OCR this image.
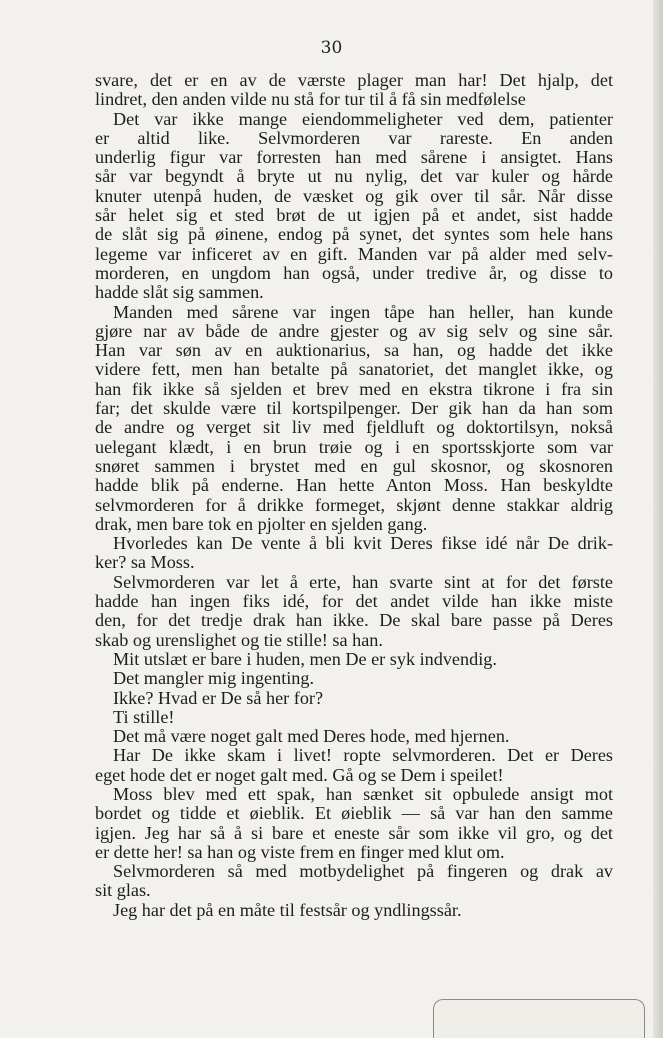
30
svare, det er en av de værste plager man har! Det hjalp, det
lindret, den anden vilde nu stå for tur til å få sin medfølelse
Det var ikke mange eiendommeligheter ved dem, patienter
er altid like. Selvmorderen var rareste. En anden
underlig figur var forresten han med sårene i ansigtet. Hans
sår var begyndt å bryte ut nu nylig, det var kuler og hårde
knuter utenpå huden, de væsket og gik over til sår. Når disse
sår helet sig et sted brøt de ut igjen på et andet, sist hadde
de slåt sig på øinene, endog på synet, det syntes som hele hans
legeme var inficeret av en gift. Manden var på alder med selv-
morderen, en ungdom han også, under tredive år, og disse to
hadde slåt sig sammen.
Manden med sårene var ingen tåpe han heller, han kunde
gjøre nar av både de andre gjester og av sig selv og sine sår.
Han var søn av en auktionarius, sa han, og hadde det ikke
videre fett, men han betalte på sanatoriet, det manglet ikke, og
han fik ikke så sjelden et brev med en ekstra tikrone i fra sin
far; det skulde være til kortspilpenger. Der gik han da han som
de andre og verget sit liv med fjeldluft og doktortilsyn, nokså
uelegant klædt, i en brun trøie og i en sportsskjorte som var
snøret sammen i brystet med en gul skosnor, og skosnoren
hadde blik på enderne. Han hette Anton Moss. Han beskyldte
selvmorderen for å drikke formeget, skjønt denne stakkar aldrig
drak, men bare tok en pjolter en sjelden gang.
Hvorledes kan De vente å bli kvit Deres fikse idé når De drik-
ker? sa Moss.
Selvmorderen var let å erte, han svarte sint at for det første
hadde han ingen fiks idé, for det andet vilde han ikke miste
den, for det tredje drak han ikke. De skal bare passe på Deres
skab og urenslighet og tie stille! sa han.
Mit utslæt er bare i huden, men De er syk indvendig.
Det mangler mig ingenting.
Ikke? Hvad er De så her for?
Ti stille!
Det må være noget galt med Deres hode, med hjernen.
Har De ikke skam i livet! ropte selvmorderen. Det er Deres
eget hode det er noget galt med. Gå og se Dem i speilet!
Moss blev med ett spak, han sænket sit opbulede ansigt mot
bordet og tidde et øieblik. Et øieblik — så var han den samme
igjen. Jeg har så å si bare et eneste sår som ikke vil gro, og det
er dette her! sa han og viste frem en finger med klut om.
Selvmorderen så med motbydelighet på fingeren og drak av
sit glas.
Jeg har det på en måte til festsår og yndlingssår.
